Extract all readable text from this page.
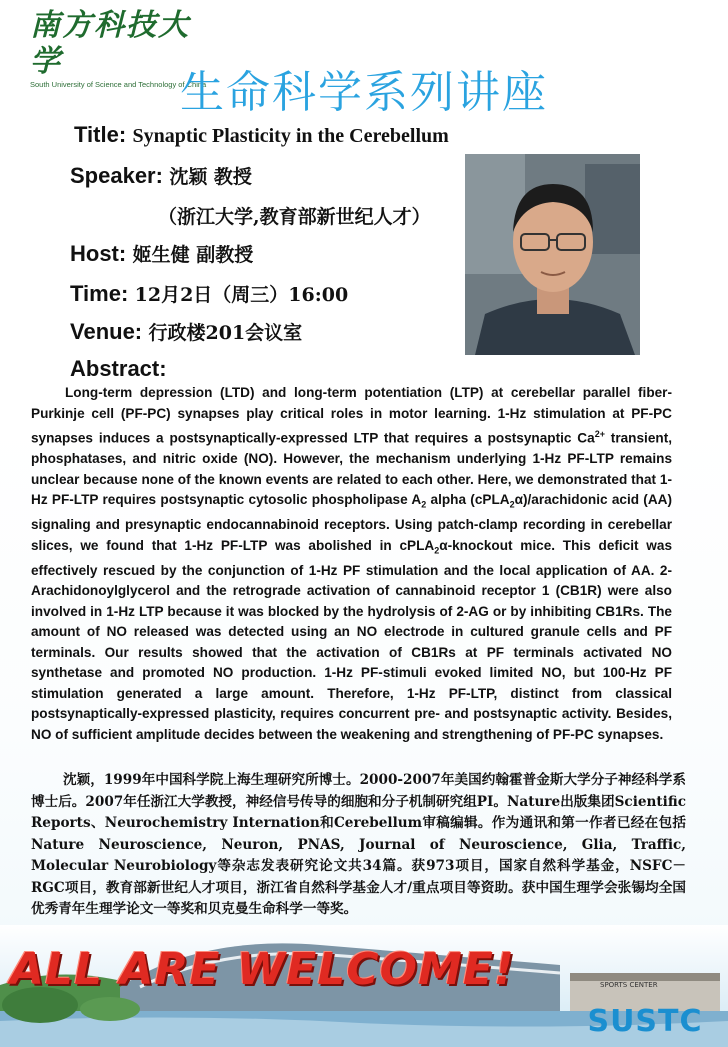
南方科技大学
South University of Science and Technology of China
生命科学系列讲座
Title: Synaptic Plasticity in the Cerebellum
Speaker: 沈颖 教授
（浙江大学,教育部新世纪人才）
Host: 姬生健 副教授
Time: 12月2日（周三）16:00
Venue: 行政楼201会议室
Abstract:
Long-term depression (LTD) and long-term potentiation (LTP) at cerebellar parallel fiber-Purkinje cell (PF-PC) synapses play critical roles in motor learning. 1-Hz stimulation at PF-PC synapses induces a postsynaptically-expressed LTP that requires a postsynaptic $Ca^{2+}$ transient, phosphatases, and nitric oxide (NO). However, the mechanism underlying 1-Hz PF-LTP remains unclear because none of the known events are related to each other. Here, we demonstrated that 1-Hz PF-LTP requires postsynaptic cytosolic phospholipase $A_2$ alpha (cPLA$_2$α)/arachidonic acid (AA) signaling and presynaptic endocannabinoid receptors. Using patch-clamp recording in cerebellar slices, we found that 1-Hz PF-LTP was abolished in cPLA$_2$α-knockout mice. This deficit was effectively rescued by the conjunction of 1-Hz PF stimulation and the local application of AA. 2-Arachidonoylglycerol and the retrograde activation of cannabinoid receptor 1 (CB1R) were also involved in 1-Hz LTP because it was blocked by the hydrolysis of 2-AG or by inhibiting CB1Rs. The amount of NO released was detected using an NO electrode in cultured granule cells and PF terminals. Our results showed that the activation of CB1Rs at PF terminals activated NO synthetase and promoted NO production. 1-Hz PF-stimuli evoked limited NO, but 100-Hz PF stimulation generated a large amount. Therefore, 1-Hz PF-LTP, distinct from classical postsynaptically-expressed plasticity, requires concurrent pre- and postsynaptic activity. Besides, NO of sufficient amplitude decides between the weakening and strengthening of PF-PC synapses.
沈颖，1999年中国科学院上海生理研究所博士。2000-2007年美国约翰霍普金斯大学分子神经科学系博士后。2007年任浙江大学教授，神经信号传导的细胞和分子机制研究组PI。Nature出版集团Scientific Reports、Neurochemistry Internation和Cerebellum审稿编辑。作为通讯和第一作者已经在包括Nature Neuroscience, Neuron, PNAS, Journal of Neuroscience, Glia, Traffic, Molecular Neurobiology等杂志发表研究论文共34篇。获973项目，国家自然科学基金，NSFC－RGC项目，教育部新世纪人才项目，浙江省自然科学基金人才/重点项目等资助。获中国生理学会张锡均全国优秀青年生理学论文一等奖和贝克曼生命科学一等奖。
SPORTS CENTER
ALL ARE WELCOME!
SUSTC
